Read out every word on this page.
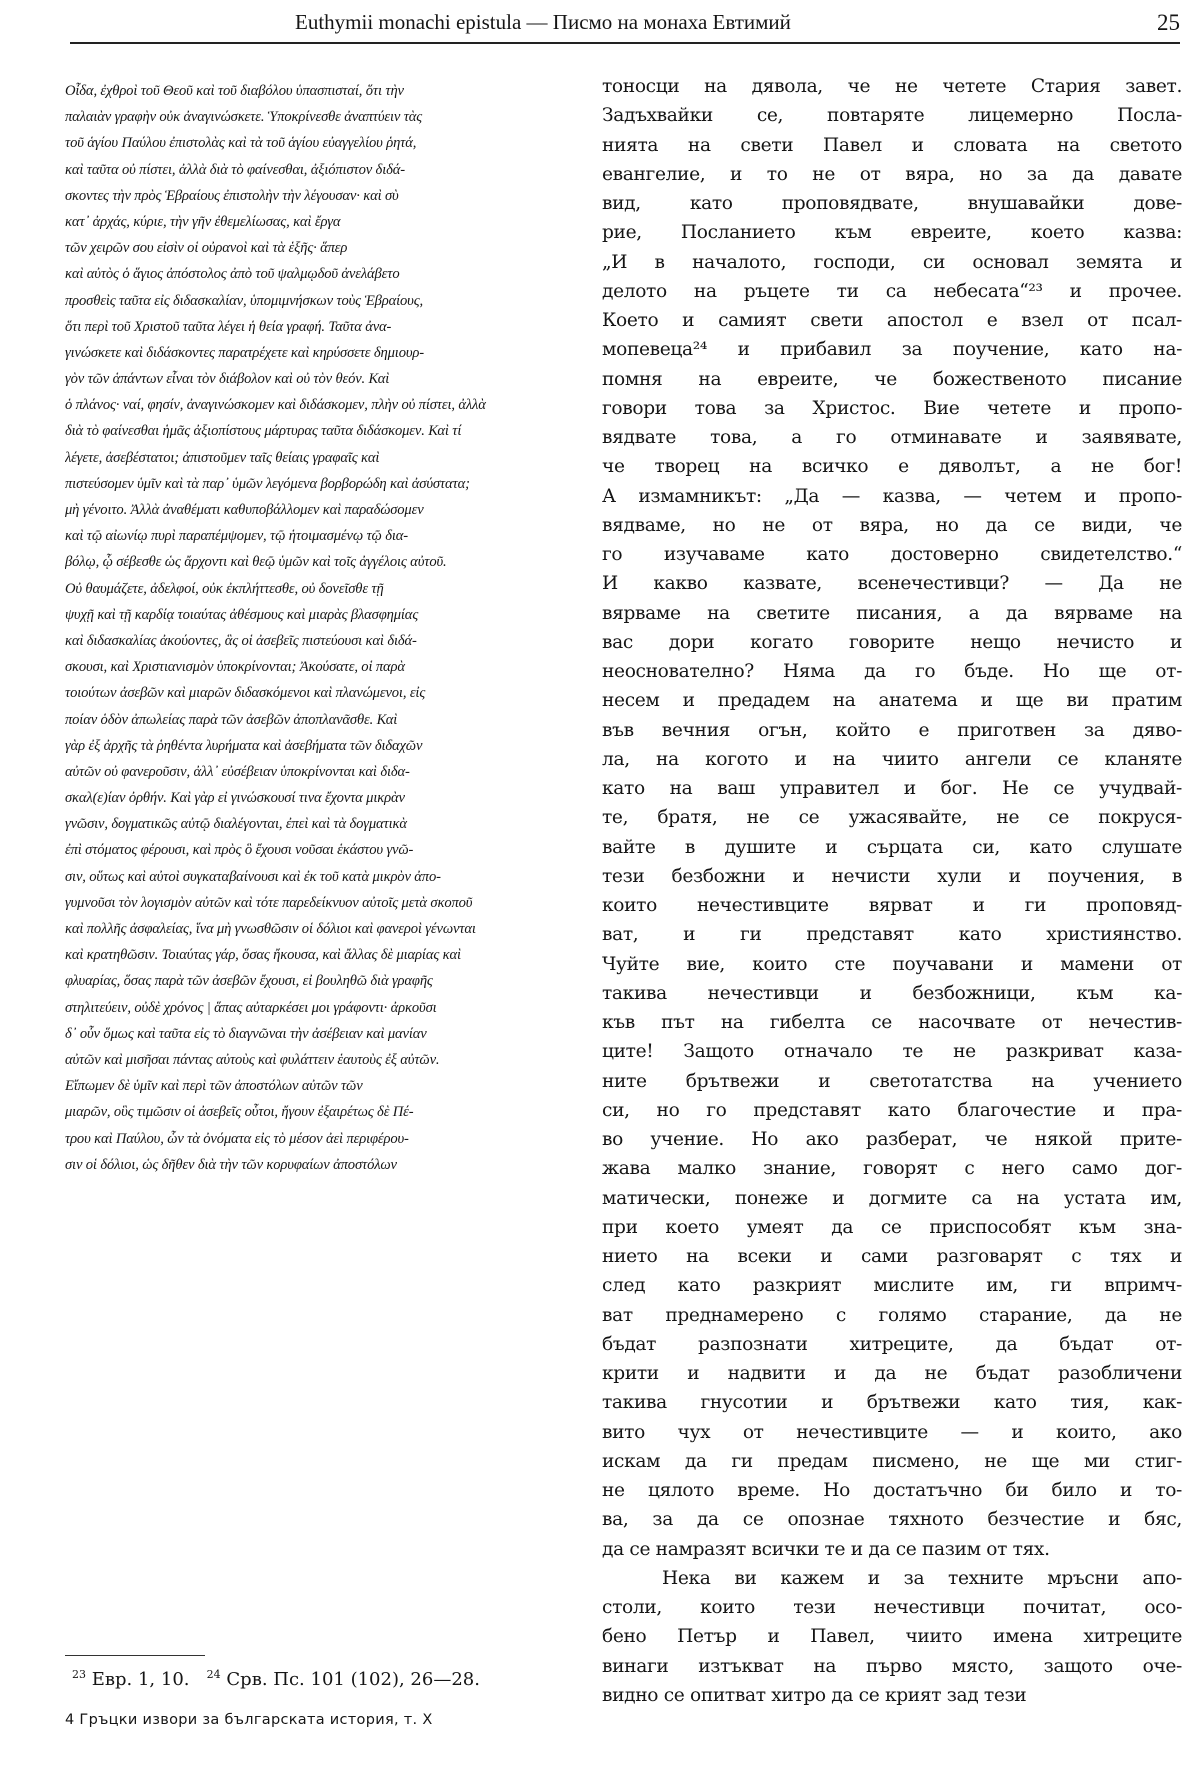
Euthymii monachi epistula — Писмо на монаха Евтимий	25
Οἶδα, ἐχθροὶ τοῦ Θεοῦ καὶ τοῦ διαβόλου ὑπασπισταί, ὅτι τὴν
παλαιὰν γραφὴν οὐκ ἀναγινώσκετε. Ὑποκρίνεσθε ἀναπτύειν τὰς
τοῦ ἁγίου Παύλου ἐπιστολὰς καὶ τὰ τοῦ ἁγίου εὐαγγελίου ῥητά,
καὶ ταῦτα οὐ πίστει, ἀλλὰ διὰ τὸ φαίνεσθαι, ἀξιόπιστον διδά-
σκοντες τὴν πρὸς Ἑβραίους ἐπιστολὴν τὴν λέγουσαν· καὶ σὺ
κατ᾽ ἀρχάς, κύριε, τὴν γῆν ἐθεμελίωσας, καὶ ἔργα
τῶν χειρῶν σου εἰσὶν οἱ οὐρανοὶ καὶ τὰ ἑξῆς· ἅπερ
καὶ αὐτὸς ὁ ἅγιος ἀπόστολος ἀπὸ τοῦ ψαλμῳδοῦ ἀνελάβετο
προσθεὶς ταῦτα εἰς διδασκαλίαν, ὑπομιμνήσκων τοὺς Ἑβραίους,
ὅτι περὶ τοῦ Χριστοῦ ταῦτα λέγει ἡ θεία γραφή. Ταῦτα ἀνα-
γινώσκετε καὶ διδάσκοντες παρατρέχετε καὶ κηρύσσετε δημιουρ-
γὸν τῶν ἁπάντων εἶναι τὸν διάβολον καὶ οὐ τὸν θεόν. Καὶ
ὁ πλάνος· ναί, φησίν, ἀναγινώσκομεν καὶ διδάσκομεν, πλὴν οὐ πίστει, ἀλλὰ
διὰ τὸ φαίνεσθαι ἡμᾶς ἀξιοπίστους μάρτυρας ταῦτα διδάσκομεν. Καὶ τί
λέγετε, ἀσεβέστατοι; ἀπιστοῦμεν ταῖς θείαις γραφαῖς καὶ
πιστεύσομεν ὑμῖν καὶ τὰ παρ᾽ ὑμῶν λεγόμενα βορβορώδη καὶ ἀσύστατα;
μὴ γένοιτο. Ἀλλὰ ἀναθέματι καθυποβάλλομεν καὶ παραδώσομεν
καὶ τῷ αἰωνίῳ πυρὶ παραπέμψομεν, τῷ ἡτοιμασμένῳ τῷ δια-
βόλῳ, ᾧ σέβεσθε ὡς ἄρχοντι καὶ θεῷ ὑμῶν καὶ τοῖς ἀγγέλοις αὐτοῦ.
Οὐ θαυμάζετε, ἀδελφοί, οὐκ ἐκπλήττεσθε, οὐ δονεῖσθε τῇ
ψυχῇ καὶ τῇ καρδίᾳ τοιαύτας ἀθέσμους καὶ μιαρὰς βλασφημίας
καὶ διδασκαλίας ἀκούοντες, ἃς οἱ ἀσεβεῖς πιστεύουσι καὶ διδά-
σκουσι, καὶ Χριστιανισμὸν ὑποκρίνονται; Ἀκούσατε, οἱ παρὰ
τοιούτων ἀσεβῶν καὶ μιαρῶν διδασκόμενοι καὶ πλανώμενοι, εἰς
ποίαν ὁδὸν ἀπωλείας παρὰ τῶν ἀσεβῶν ἀποπλανᾶσθε. Καὶ
γὰρ ἐξ ἀρχῆς τὰ ῥηθέντα λυρήματα καὶ ἀσεβήματα τῶν διδαχῶν
αὐτῶν οὐ φανεροῦσιν, ἀλλ᾽ εὐσέβειαν ὑποκρίνονται καὶ διδα-
σκαλ(ε)ίαν ὀρθήν. Καὶ γὰρ εἰ γινώσκουσί τινα ἔχοντα μικρὰν
γνῶσιν, δογματικῶς αὐτῷ διαλέγονται, ἐπεὶ καὶ τὰ δογματικὰ
ἐπὶ στόματος φέρουσι, καὶ πρὸς ὃ ἔχουσι νοῦσαι ἑκάστου γνῶ-
σιν, οὕτως καὶ αὐτοὶ συγκαταβαίνουσι καὶ ἐκ τοῦ κατὰ μικρὸν ἀπο-
γυμνοῦσι τὸν λογισμὸν αὐτῶν καὶ τότε παρεδείκνυον αὐτοῖς μετὰ σκοποῦ
καὶ πολλῆς ἀσφαλείας, ἵνα μὴ γνωσθῶσιν οἱ δόλιοι καὶ φανεροὶ γένωνται
καὶ κρατηθῶσιν. Τοιαύτας γάρ, ὅσας ἤκουσα, καὶ ἄλλας δὲ μιαρίας καὶ
φλυαρίας, ὅσας παρὰ τῶν ἀσεβῶν ἔχουσι, εἰ βουληθῶ διὰ γραφῆς
στηλιτεύειν, οὐδὲ χρόνος | ἅπας αὐταρκέσει μοι γράφοντι· ἀρκοῦσι
δ᾽ οὖν ὅμως καὶ ταῦτα εἰς τὸ διαγνῶναι τὴν ἀσέβειαν καὶ μανίαν
αὐτῶν καὶ μισῆσαι πάντας αὐτοὺς καὶ φυλάττειν ἑαυτοὺς ἐξ αὐτῶν.
Εἴπωμεν δὲ ὑμῖν καὶ περὶ τῶν ἀποστόλων αὐτῶν τῶν
μιαρῶν, οὓς τιμῶσιν οἱ ἀσεβεῖς οὗτοι, ἤγουν ἐξαιρέτως δὲ Πέ-
τρου καὶ Παύλου, ὧν τὰ ὀνόματα εἰς τὸ μέσον ἀεὶ περιφέρου-
σιν οἱ δόλιοι, ὡς δῆθεν διὰ τὴν τῶν κορυφαίων ἀποστόλων
тоносци на дявола, че не четете Стария завет.
Задъхвайки се, повтаряте лицемерно Посла-
нията на свети Павел и словата на светото
евангелие, и то не от вяра, но за да давате
вид, като проповядвате, внушавайки дове-
рие, Посланието към евреите, което казва:
„И в началото, господи, си основал земята и
делото на ръцете ти са небесата“²³ и прочее.
Което и самият свети апостол е взел от псал-
мопевеца²⁴ и прибавил за поучение, като на-
помня на евреите, че божественото писание
говори това за Христос. Вие четете и пропо-
вядвате това, а го отминавате и заявявате,
че творец на всичко е дяволът, а не бог!
А измамникът: „Да — казва, — четем и пропо-
вядваме, но не от вяра, но да се види, че
го изучаваме като достоверно свидетелство.“
И какво казвате, всенечестивци? — Да не
вярваме на светите писания, а да вярваме на
вас дори когато говорите нещо нечисто и
неоснователно? Няма да го бъде. Но ще от-
несем и предадем на анатема и ще ви пратим
във вечния огън, който е приготвен за дяво-
ла, на когото и на чиито ангели се кланяте
като на ваш управител и бог. Не се учудвай-
те, братя, не се ужасявайте, не се покруся-
вайте в душите и сърцата си, като слушате
тези безбожни и нечисти хули и поучения, в
които нечестивците вярват и ги проповяд-
ват, и ги представят като християнство.
Чуйте вие, които сте поучавани и мамени от
такива нечестивци и безбожници, към ка-
къв път на гибелта се насочвате от нечестив-
ците! Защото отначало те не разкриват каза-
ните брътвежи и светотатства на учението
си, но го представят като благочестие и пра-
во учение. Но ако разберат, че някой прите-
жава малко знание, говорят с него само дог-
матически, понеже и догмите са на устата им,
при което умеят да се приспособят към зна-
нието на всеки и сами разговарят с тях и
след като разкрият мислите им, ги впримч-
ват преднамерено с голямо старание, да не
бъдат разпознати хитреците, да бъдат от-
крити и надвити и да не бъдат разобличени
такива гнусотии и брътвежи като тия, как-
вито чух от нечестивците — и които, ако
искам да ги предам писмено, не ще ми стиг-
не цялото време. Но достатъчно би било и то-
ва, за да се опознае тяхното безчестие и бяс,
да се намразят всички те и да се пазим от тях.
Нека ви кажем и за техните мръсни апо-
столи, които тези нечестивци почитат, осо-
бено Петър и Павел, чиито имена хитреците
винаги изтъкват на първо място, защото оче-
видно се опитват хитро да се крият зад тези
$^{23}$ Евр. 1, 10. $^{24}$ Срв. Пс. 101 (102), 26—28.
4 Гръцки извори за българската история, т. X
